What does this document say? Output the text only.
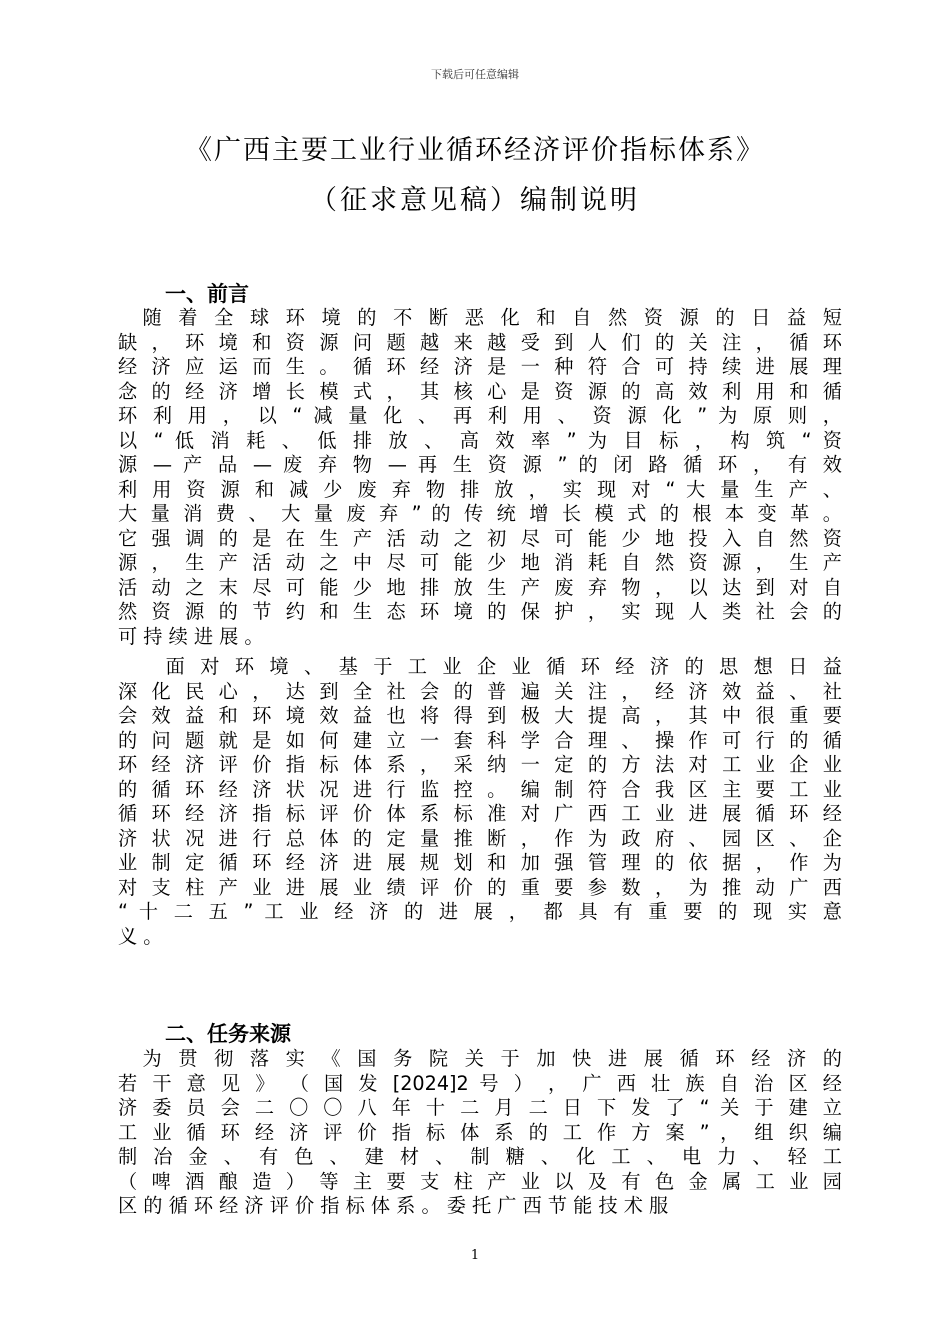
下载后可任意编辑
《广西主要工业行业循环经济评价指标体系》
（征求意见稿）编制说明
一、前言
　随 着 全 球 环 境 的 不 断 恶 化 和 自 然 资 源 的 日 益 短
缺 ， 环 境 和 资 源 问 题 越 来 越 受 到 人 们 的 关 注 ， 循 环
经 济 应 运 而 生 。 循 环 经 济 是 一 种 符 合 可 持 续 进 展 理
念 的 经 济 增 长 模 式 ， 其 核 心 是 资 源 的 高 效 利 用 和 循
环 利 用 ， 以 “ 减 量 化 、 再 利 用 、 资 源 化 ” 为 原 则 ，
以 “ 低 消 耗 、 低 排 放 、 高 效 率 ” 为 目 标 ， 构 筑 “ 资
源 — 产 品 — 废 弃 物 — 再 生 资 源 ” 的 闭 路 循 环 ， 有 效
利 用 资 源 和 减 少 废 弃 物 排 放 ， 实 现 对 “ 大 量 生 产 、
大 量 消 费 、 大 量 废 弃 ” 的 传 统 增 长 模 式 的 根 本 变 革 。
它 强 调 的 是 在 生 产 活 动 之 初 尽 可 能 少 地 投 入 自 然 资
源 ， 生 产 活 动 之 中 尽 可 能 少 地 消 耗 自 然 资 源 ， 生 产
活 动 之 末 尽 可 能 少 地 排 放 生 产 废 弃 物 ， 以 达 到 对 自
然 资 源 的 节 约 和 生 态 环 境 的 保 护 ， 实 现 人 类 社 会 的
可 持 续 进 展 。
　　面 对 环 境 、 基 于 工 业 企 业 循 环 经 济 的 思 想 日 益
深 化 民 心 ， 达 到 全 社 会 的 普 遍 关 注 ， 经 济 效 益 、 社
会 效 益 和 环 境 效 益 也 将 得 到 极 大 提 高 ， 其 中 很 重 要
的 问 题 就 是 如 何 建 立 一 套 科 学 合 理 、 操 作 可 行 的 循
环 经 济 评 价 指 标 体 系 ， 采 纳 一 定 的 方 法 对 工 业 企 业
的 循 环 经 济 状 况 进 行 监 控 。 编 制 符 合 我 区 主 要 工 业
循 环 经 济 指 标 评 价 体 系 标 准 对 广 西 工 业 进 展 循 环 经
济 状 况 进 行 总 体 的 定 量 推 断 ， 作 为 政 府 、 园 区 、 企
业 制 定 循 环 经 济 进 展 规 划 和 加 强 管 理 的 依 据 ， 作 为
对 支 柱 产 业 进 展 业 绩 评 价 的 重 要 参 数 ， 为 推 动 广 西
“ 十 二 五 ” 工 业 经 济 的 进 展 ， 都 具 有 重 要 的 现 实 意
义 。
二、任务来源
　为 贯 彻 落 实 《 国 务 院 关 于 加 快 进 展 循 环 经 济 的
若 干 意 见 》 （ 国 发 [2024]2 号 ） ， 广 西 壮 族 自 治 区 经
济 委 员 会 二 〇 〇 八 年 十 二 月 二 日 下 发 了 “ 关 于 建 立
工 业 循 环 经 济 评 价 指 标 体 系 的 工 作 方 案 ” ， 组 织 编
制 冶 金 、 有 色 、 建 材 、 制 糖 、 化 工 、 电 力 、 轻 工
（ 啤 酒 酿 造 ） 等 主 要 支 柱 产 业 以 及 有 色 金 属 工 业 园
区 的 循 环 经 济 评 价 指 标 体 系 。 委 托 广 西 节 能 技 术 服
1
